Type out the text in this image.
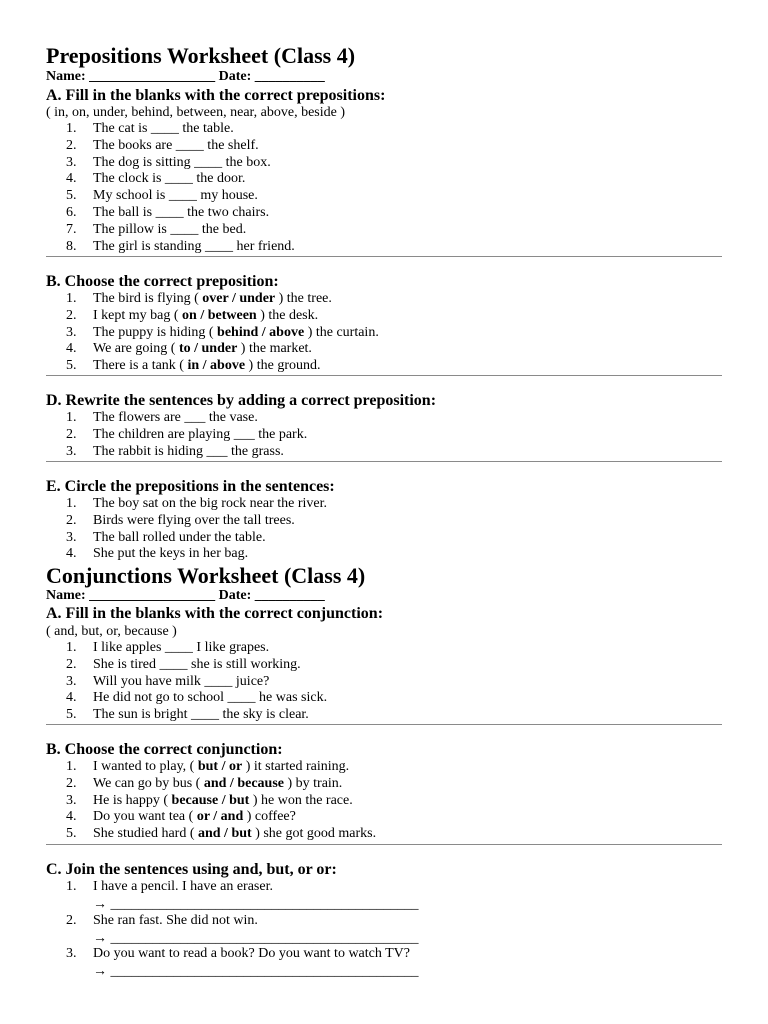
Prepositions Worksheet (Class 4)
Name: __________________ Date: __________
A. Fill in the blanks with the correct prepositions:
( in, on, under, behind, between, near, above, beside )
1.	The cat is ____ the table.
2.	The books are ____ the shelf.
3.	The dog is sitting ____ the box.
4.	The clock is ____ the door.
5.	My school is ____ my house.
6.	The ball is ____ the two chairs.
7.	The pillow is ____ the bed.
8.	The girl is standing ____ her friend.
B. Choose the correct preposition:
1.	The bird is flying ( over / under ) the tree.
2.	I kept my bag ( on / between ) the desk.
3.	The puppy is hiding ( behind / above ) the curtain.
4.	We are going ( to / under ) the market.
5.	There is a tank ( in / above ) the ground.
D. Rewrite the sentences by adding a correct preposition:
1.	The flowers are ___ the vase.
2.	The children are playing ___ the park.
3.	The rabbit is hiding ___ the grass.
E. Circle the prepositions in the sentences:
1.	The boy sat on the big rock near the river.
2.	Birds were flying over the tall trees.
3.	The ball rolled under the table.
4.	She put the keys in her bag.
Conjunctions Worksheet (Class 4)
Name: __________________ Date: __________
A. Fill in the blanks with the correct conjunction:
( and, but, or, because )
1.	I like apples ____ I like grapes.
2.	She is tired ____ she is still working.
3.	Will you have milk ____ juice?
4.	He did not go to school ____ he was sick.
5.	The sun is bright ____ the sky is clear.
B. Choose the correct conjunction:
1.	I wanted to play, ( but / or ) it started raining.
2.	We can go by bus ( and / because ) by train.
3.	He is happy ( because / but ) he won the race.
4.	Do you want tea ( or / and ) coffee?
5.	She studied hard ( and / but ) she got good marks.
C. Join the sentences using and, but, or or:
1.	I have a pencil. I have an eraser.
→ ____________________________________________
2.	She ran fast. She did not win.
→ ____________________________________________
3.	Do you want to read a book? Do you want to watch TV?
→ ____________________________________________
